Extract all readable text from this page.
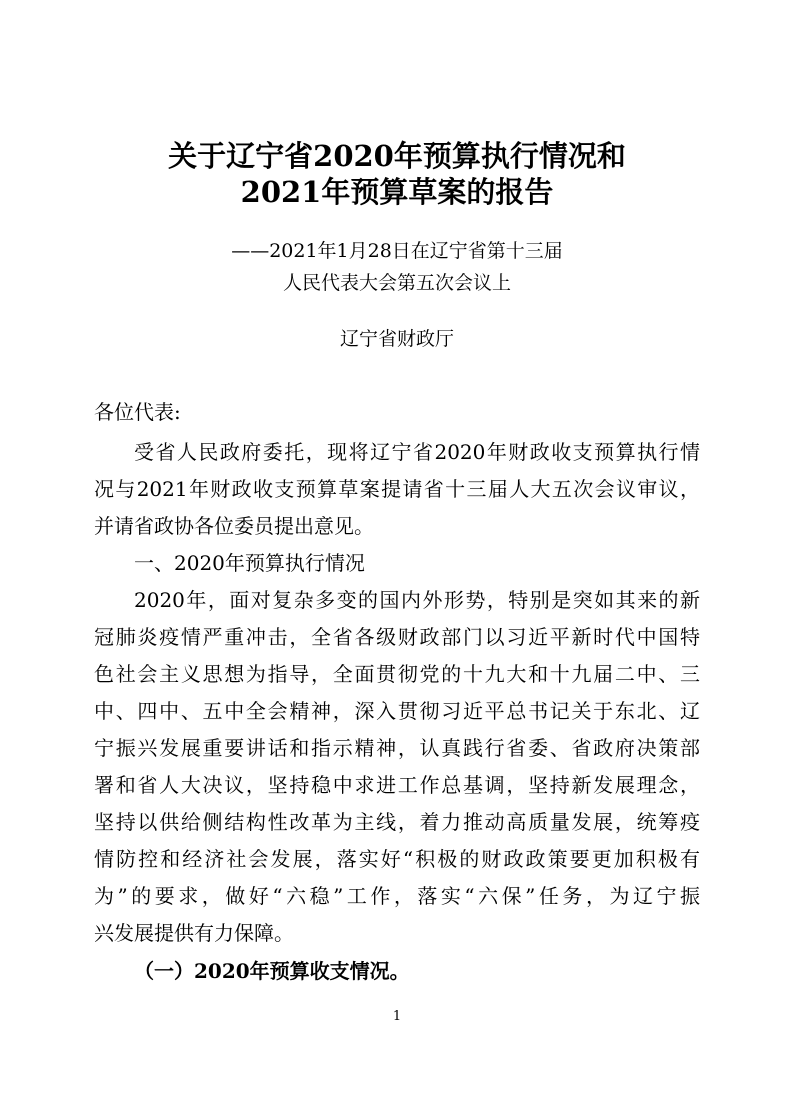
关于辽宁省2020年预算执行情况和
2021年预算草案的报告
——2021年1月28日在辽宁省第十三届
人民代表大会第五次会议上
辽宁省财政厅
各位代表:
受省人民政府委托，现将辽宁省2020年财政收支预算执行情
况与2021年财政收支预算草案提请省十三届人大五次会议审议，
并请省政协各位委员提出意见。
一、2020年预算执行情况
2020年，面对复杂多变的国内外形势，特别是突如其来的新
冠肺炎疫情严重冲击，全省各级财政部门以习近平新时代中国特
色社会主义思想为指导，全面贯彻党的十九大和十九届二中、三
中、四中、五中全会精神，深入贯彻习近平总书记关于东北、辽
宁振兴发展重要讲话和指示精神，认真践行省委、省政府决策部
署和省人大决议，坚持稳中求进工作总基调，坚持新发展理念，
坚持以供给侧结构性改革为主线，着力推动高质量发展，统筹疫
情防控和经济社会发展，落实好“积极的财政政策要更加积极有
为”的要求，做好“六稳”工作，落实“六保”任务，为辽宁振
兴发展提供有力保障。
（一）2020年预算收支情况。
1
